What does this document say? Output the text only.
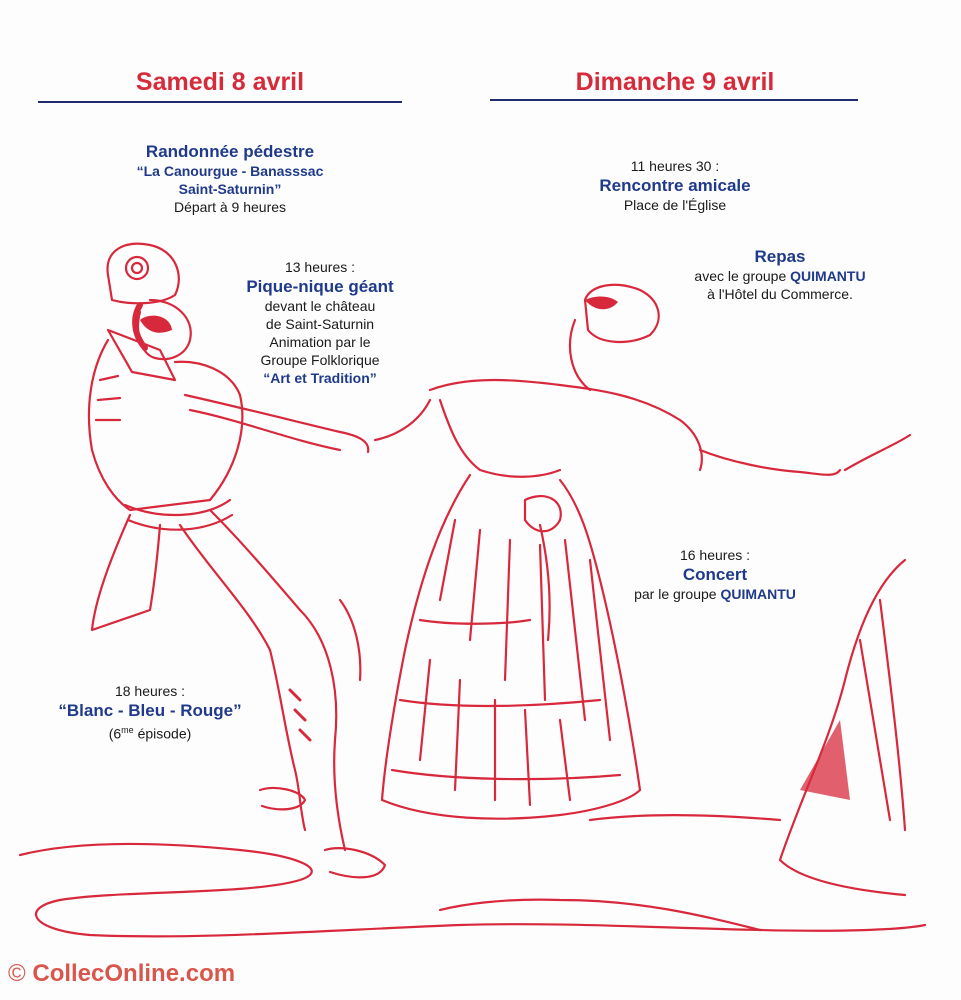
Samedi 8 avril
Randonnée pédestre
“La Canourgue - Banasssac
Saint-Saturnin”
Départ à 9 heures
13 heures :
Pique-nique géant
devant le château
de Saint-Saturnin
Animation par le
Groupe Folklorique
“Art et Tradition”
18 heures :
“Blanc - Bleu - Rouge”
($6^{me}$ épisode)
Dimanche 9 avril
11 heures 30 :
Rencontre amicale
Place de l'Église
Repas
avec le groupe QUIMANTU
à l'Hôtel du Commerce.
16 heures :
Concert
par le groupe QUIMANTU
© CollecOnline.com
